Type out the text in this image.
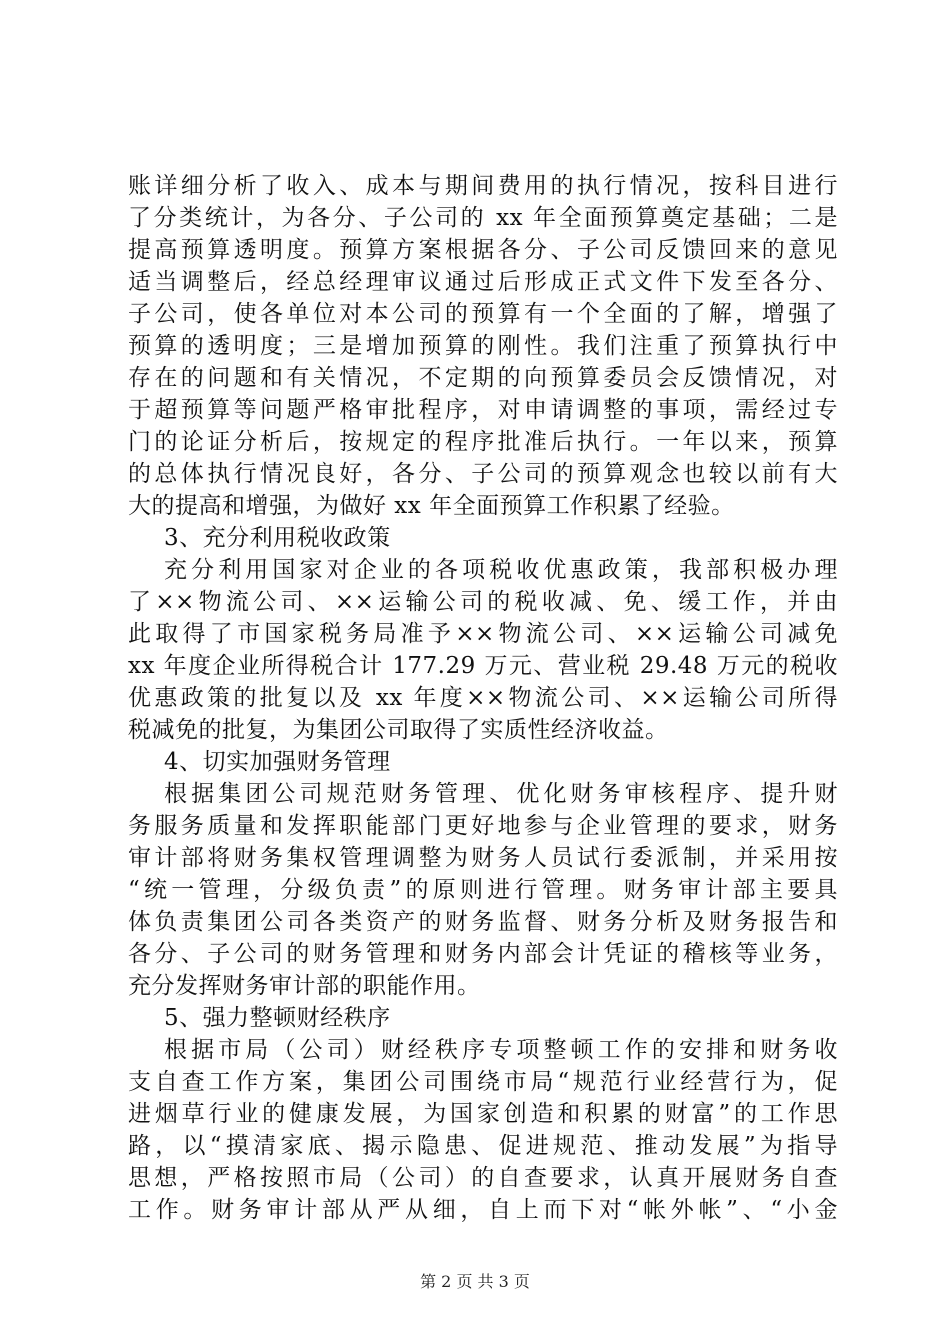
账详细分析了收入、成本与期间费用的执行情况，按科目进行
了分类统计，为各分、子公司的 xx 年全面预算奠定基础；二是
提高预算透明度。预算方案根据各分、子公司反馈回来的意见
适当调整后，经总经理审议通过后形成正式文件下发至各分、
子公司，使各单位对本公司的预算有一个全面的了解，增强了
预算的透明度；三是增加预算的刚性。我们注重了预算执行中
存在的问题和有关情况，不定期的向预算委员会反馈情况，对
于超预算等问题严格审批程序，对申请调整的事项，需经过专
门的论证分析后，按规定的程序批准后执行。一年以来，预算
的总体执行情况良好，各分、子公司的预算观念也较以前有大
大的提高和增强，为做好 xx 年全面预算工作积累了经验。
3、充分利用税收政策
充分利用国家对企业的各项税收优惠政策，我部积极办理
了××物流公司、××运输公司的税收减、免、缓工作，并由
此取得了市国家税务局准予××物流公司、××运输公司减免
xx 年度企业所得税合计 177.29 万元、营业税 29.48 万元的税收
优惠政策的批复以及 xx 年度××物流公司、××运输公司所得
税减免的批复，为集团公司取得了实质性经济收益。
4、切实加强财务管理
根据集团公司规范财务管理、优化财务审核程序、提升财
务服务质量和发挥职能部门更好地参与企业管理的要求，财务
审计部将财务集权管理调整为财务人员试行委派制，并采用按
“统一管理，分级负责”的原则进行管理。财务审计部主要具
体负责集团公司各类资产的财务监督、财务分析及财务报告和
各分、子公司的财务管理和财务内部会计凭证的稽核等业务，
充分发挥财务审计部的职能作用。
5、强力整顿财经秩序
根据市局（公司）财经秩序专项整顿工作的安排和财务收
支自查工作方案，集团公司围绕市局“规范行业经营行为，促
进烟草行业的健康发展，为国家创造和积累的财富”的工作思
路，以“摸清家底、揭示隐患、促进规范、推动发展”为指导
思想，严格按照市局（公司）的自查要求，认真开展财务自查
工作。财务审计部从严从细，自上而下对“帐外帐”、“小金
第 2 页 共 3 页
